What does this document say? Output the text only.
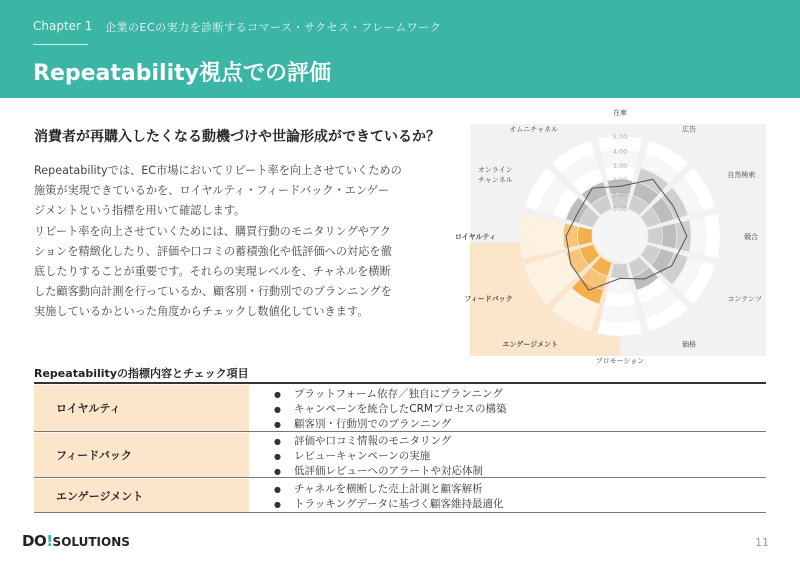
Chapter 1 企業のECの実力を診断するコマース・サクセス・フレームワーク
Repeatability視点での評価
消費者が再購入したくなる動機づけや世論形成ができているか？

Repeatabilityでは、EC市場においてリピート率を向上させていくための

施策が実現できているかを、ロイヤルティ・フィードバック・エンゲー

ジメントという指標を用いて確認します。

リピート率を向上させていくためには、購買行動のモニタリングやアク

ションを精緻化したり、評価や口コミの蓄積強化や低評価への対応を徹

底したりすることが重要です。それらの実現レベルを、チャネルを横断

した顧客動向計測を行っているか、顧客別・行動別でのプランニングを

実施しているかといった角度からチェックし数値化していきます。

0.00
1.00
2.00
3.00
4.00
5.00
在庫
広告
自然検索
競合
コンテンツ
価格
プロモーション
エンゲージメント
フィードバック
ロイヤルティ
オンラインチャンネル
オムニチャネル
Repeatabilityの指標内容とチェック項目
ロイヤルティ
● プラットフォーム依存／独自にプランニング
● キャンペーンを統合したCRMプロセスの構築
● 顧客別・行動別でのプランニング
フィードバック
● 評価や口コミ情報のモニタリング
● レビューキャンペーンの実施
● 低評価レビューへのアラートや対応体制
エンゲージメント
● チャネルを横断した売上計測と顧客解析
● トラッキングデータに基づく顧客維持最適化
DO!SOLUTIONS	11
